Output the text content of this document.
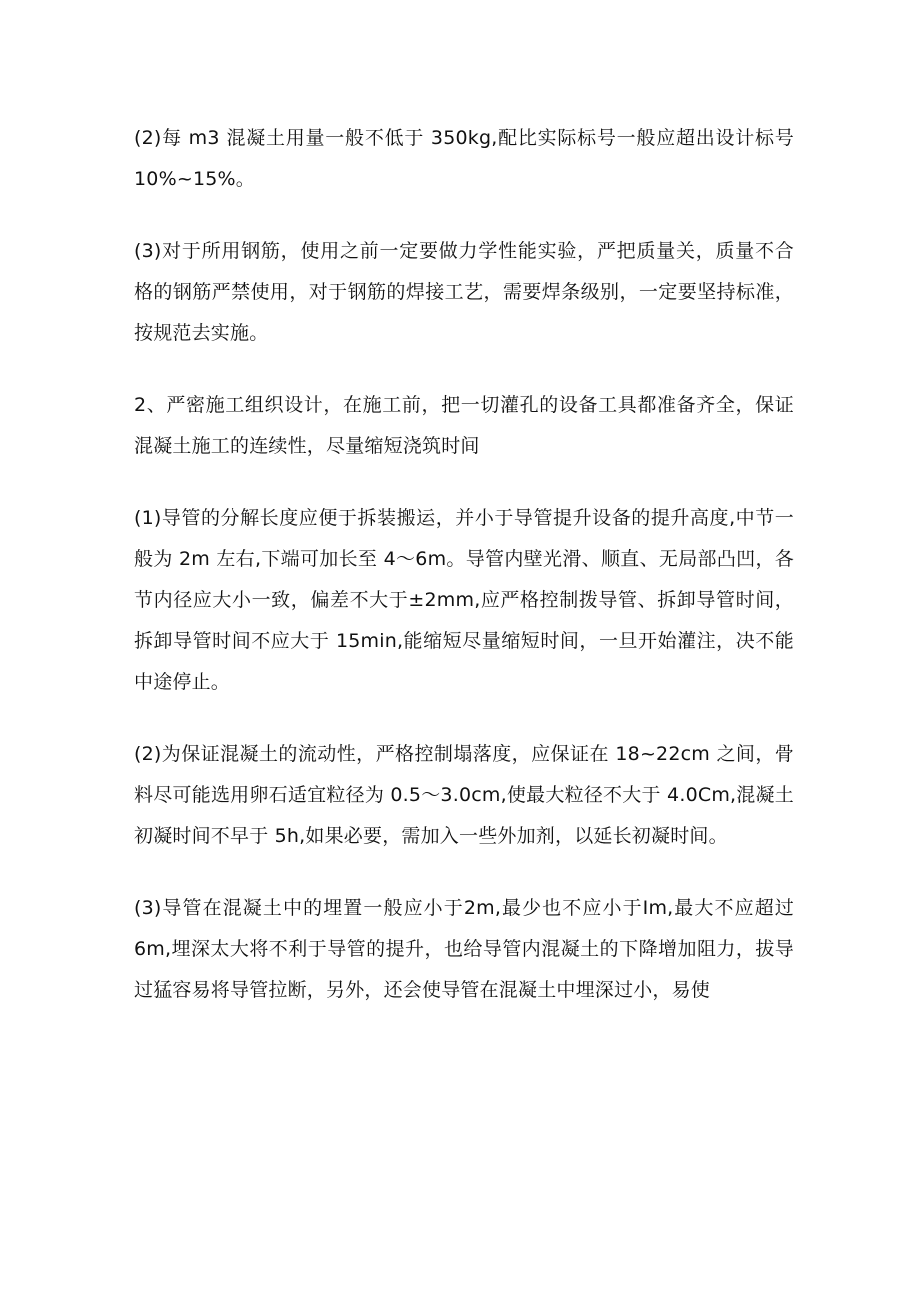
(2)每 m3 混凝土用量一般不低于 350kg,配比实际标号一般应超出设计标号 10%~15%。

(3)对于所用钢筋，使用之前一定要做力学性能实验，严把质量关，质量不合格的钢筋严禁使用，对于钢筋的焊接工艺，需要焊条级别，一定要坚持标准，按规范去实施。

2、严密施工组织设计，在施工前，把一切灌孔的设备工具都准备齐全，保证混凝土施工的连续性，尽量缩短浇筑时间

(1)导管的分解长度应便于拆装搬运，并小于导管提升设备的提升高度,中节一般为 2m 左右,下端可加长至 4～6m。导管内壁光滑、顺直、无局部凸凹，各节内径应大小一致，偏差不大于±2mm,应严格控制拨导管、拆卸导管时间，拆卸导管时间不应大于 15min,能缩短尽量缩短时间，一旦开始灌注，决不能中途停止。

(2)为保证混凝土的流动性，严格控制塌落度，应保证在 18~22cm 之间，骨料尽可能选用卵石适宜粒径为 0.5～3.0cm,使最大粒径不大于 4.0Cm,混凝土初凝时间不早于 5h,如果必要，需加入一些外加剂，以延长初凝时间。

(3)导管在混凝土中的埋置一般应小于2m,最少也不应小于Im,最大不应超过 6m,埋深太大将不利于导管的提升，也给导管内混凝土的下降增加阻力，拔导过猛容易将导管拉断，另外，还会使导管在混凝土中埋深过小，易使
